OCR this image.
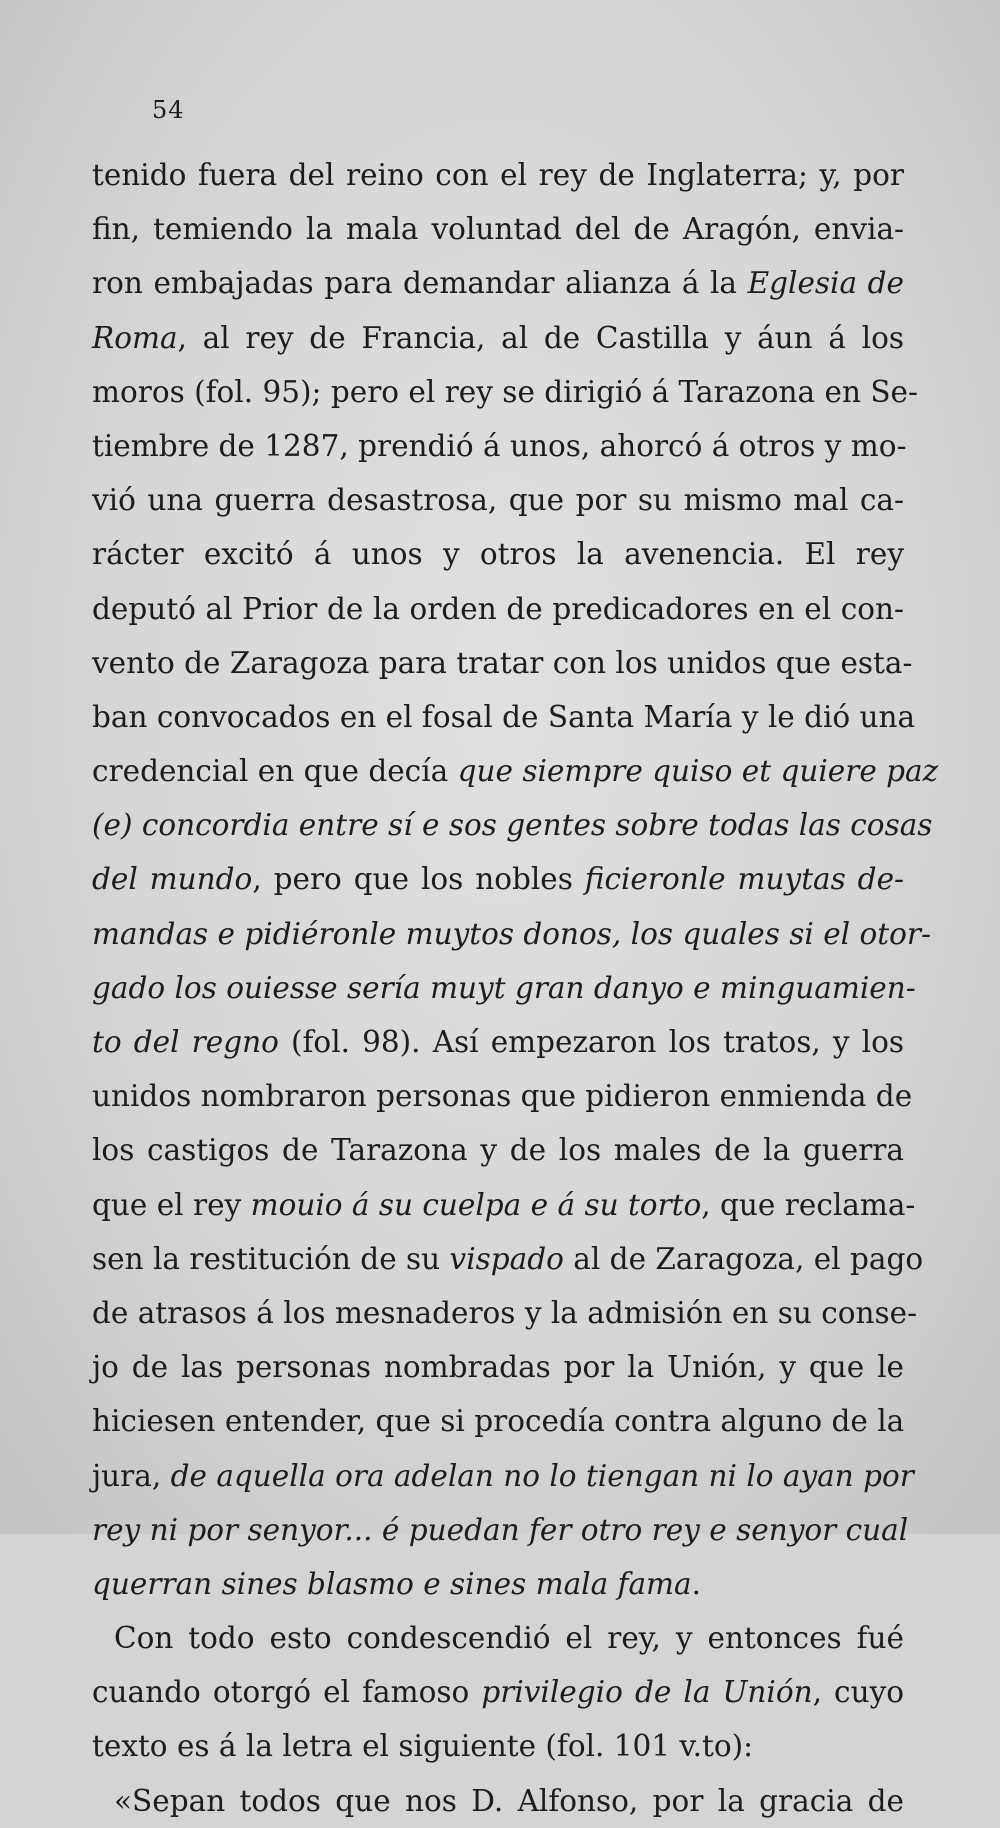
54
tenido fuera del reino con el rey de Inglaterra; y, por
fin, temiendo la mala voluntad del de Aragón, envia-
ron embajadas para demandar alianza á la Eglesia de
Roma, al rey de Francia, al de Castilla y áun á los
moros (fol. 95); pero el rey se dirigió á Tarazona en Se-
tiembre de 1287, prendió á unos, ahorcó á otros y mo-
vió una guerra desastrosa, que por su mismo mal ca-
rácter excitó á unos y otros la avenencia. El rey
deputó al Prior de la orden de predicadores en el con-
vento de Zaragoza para tratar con los unidos que esta-
ban convocados en el fosal de Santa María y le dió una
credencial en que decía que siempre quiso et quiere paz
(e) concordia entre sí e sos gentes sobre todas las cosas
del mundo, pero que los nobles ficieronle muytas de-
mandas e pidiéronle muytos donos, los quales si el otor-
gado los ouiesse sería muyt gran danyo e minguamien-
to del regno (fol. 98). Así empezaron los tratos, y los
unidos nombraron personas que pidieron enmienda de
los castigos de Tarazona y de los males de la guerra
que el rey mouio á su cuelpa e á su torto, que reclama-
sen la restitución de su vispado al de Zaragoza, el pago
de atrasos á los mesnaderos y la admisión en su conse-
jo de las personas nombradas por la Unión, y que le
hiciesen entender, que si procedía contra alguno de la
jura, de aquella ora adelan no lo tiengan ni lo ayan por
rey ni por senyor... é puedan fer otro rey e senyor cual
querran sines blasmo e sines mala fama.
Con todo esto condescendió el rey, y entonces fué
cuando otorgó el famoso privilegio de la Unión, cuyo
texto es á la letra el siguiente (fol. 101 v.to):
«Sepan todos que nos D. Alfonso, por la gracia de
